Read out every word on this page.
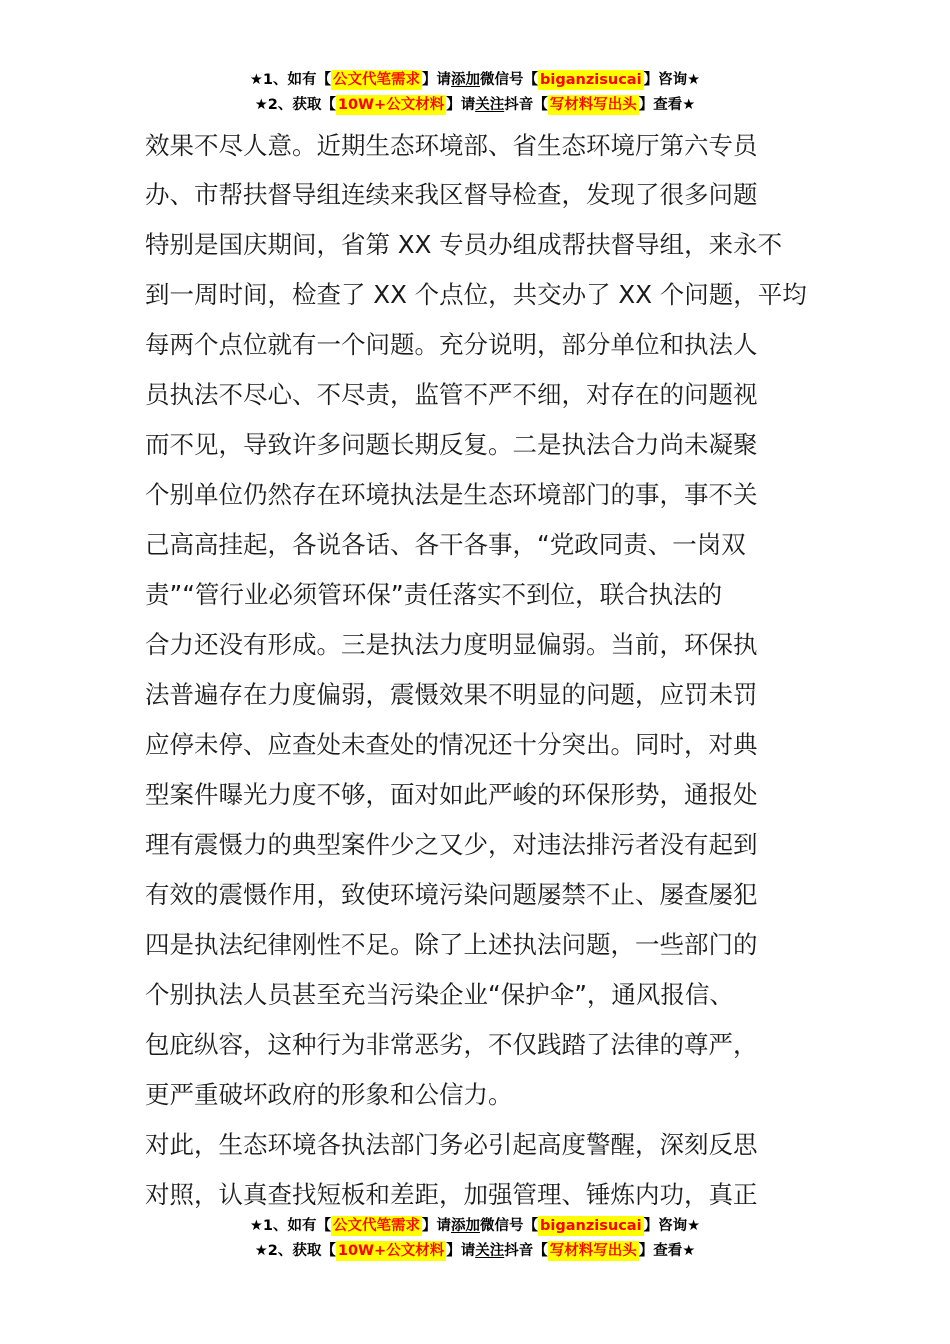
★1、如有【 公文代笔需求 】请添加微信号【 biganzisucai 】咨询★
★2、获取【 10W+公文材料 】请关注抖音【 写材料写出头 】查看★
效果不尽人意。近期生态环境部、省生态环境厅第六专员
办、市帮扶督导组连续来我区督导检查，发现了很多问题
特别是国庆期间，省第 XX 专员办组成帮扶督导组，来永不
到一周时间，检查了 XX 个点位，共交办了 XX 个问题，平均
每两个点位就有一个问题。充分说明，部分单位和执法人
员执法不尽心、不尽责，监管不严不细，对存在的问题视
而不见，导致许多问题长期反复。二是执法合力尚未凝聚
个别单位仍然存在环境执法是生态环境部门的事，事不关
己高高挂起，各说各话、各干各事，“党政同责、一岗双
责”“管行业必须管环保”责任落实不到位，联合执法的
合力还没有形成。三是执法力度明显偏弱。当前，环保执
法普遍存在力度偏弱，震慑效果不明显的问题，应罚未罚
应停未停、应查处未查处的情况还十分突出。同时，对典
型案件曝光力度不够，面对如此严峻的环保形势，通报处
理有震慑力的典型案件少之又少，对违法排污者没有起到
有效的震慑作用，致使环境污染问题屡禁不止、屡查屡犯
四是执法纪律刚性不足。除了上述执法问题，一些部门的
个别执法人员甚至充当污染企业“保护伞”，通风报信、
包庇纵容，这种行为非常恶劣，不仅践踏了法律的尊严，
更严重破坏政府的形象和公信力。
对此，生态环境各执法部门务必引起高度警醒，深刻反思
对照，认真查找短板和差距，加强管理、锤炼内功，真正
★1、如有【 公文代笔需求 】请添加微信号【 biganzisucai 】咨询★
★2、获取【 10W+公文材料 】请关注抖音【 写材料写出头 】查看★
